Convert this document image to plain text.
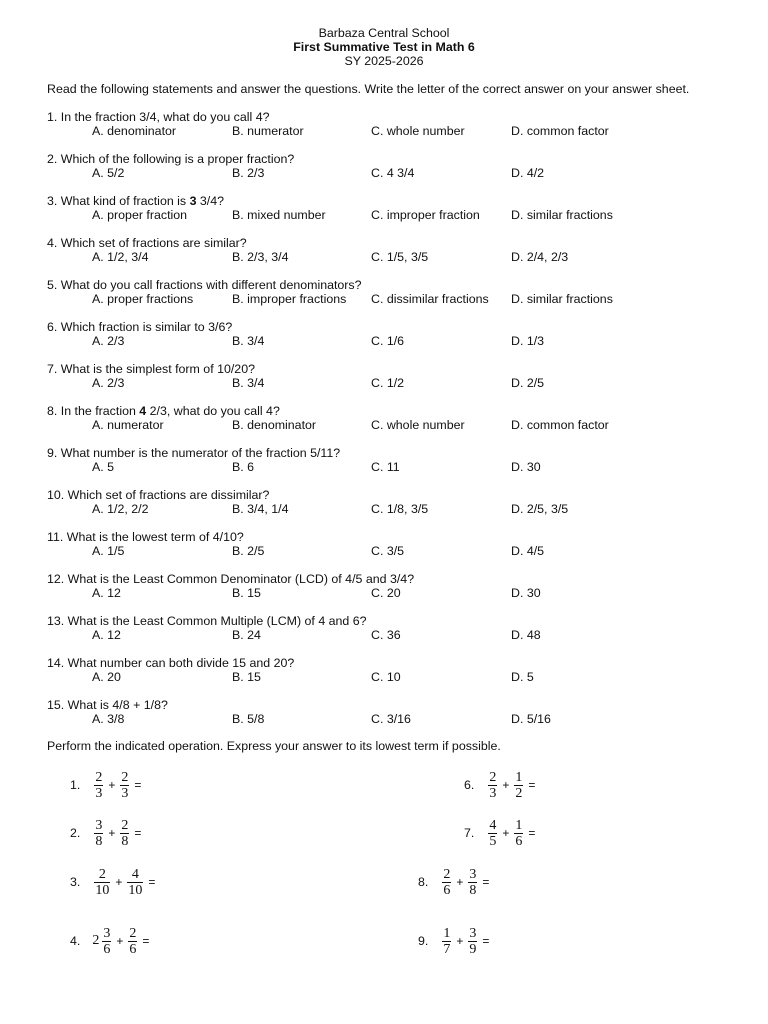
Barbaza Central School
First Summative Test in Math 6
SY 2025-2026
Read the following statements and answer the questions. Write the letter of the correct answer on your answer sheet.
1. In the fraction 3/4, what do you call 4?
A. denominator	B. numerator	C. whole number	D. common factor
2. Which of the following is a proper fraction?
A. 5/2	B. 2/3	C. 4 3/4	D. 4/2
3. What kind of fraction is 3 3/4?
A. proper fraction	B. mixed number	C. improper fraction	D. similar fractions
4. Which set of fractions are similar?
A. 1/2, 3/4	B. 2/3, 3/4	C. 1/5, 3/5	D. 2/4, 2/3
5. What do you call fractions with different denominators?
A. proper fractions	B. improper fractions C. dissimilar fractions D. similar fractions
6. Which fraction is similar to 3/6?
A. 2/3	B. 3/4	C. 1/6	D. 1/3
7. What is the simplest form of 10/20?
A. 2/3	B. 3/4	C. 1/2	D. 2/5
8. In the fraction 4 2/3, what do you call 4?
A. numerator	B. denominator	C. whole number	D. common factor
9. What number is the numerator of the fraction 5/11?
A. 5	B. 6	C. 11	D. 30
10. Which set of fractions are dissimilar?
A. 1/2, 2/2	B. 3/4, 1/4	C. 1/8, 3/5	D. 2/5, 3/5
11. What is the lowest term of 4/10?
A. 1/5	B. 2/5	C. 3/5	D. 4/5
12. What is the Least Common Denominator (LCD) of 4/5 and 3/4?
A. 12	B. 15	C. 20	D. 30
13. What is the Least Common Multiple (LCM) of 4 and 6?
A. 12	B. 24	C. 36	D. 48
14. What number can both divide 15 and 20?
A. 20	B. 15	C. 10	D. 5
15. What is 4/8 + 1/8?
A. 3/8	B. 5/8	C. 3/16	D. 5/16
Perform the indicated operation. Express your answer to its lowest term if possible.
1. $\frac{2}{3} + \frac{2}{3}$ =	6. $\frac{2}{3} + \frac{1}{2}$ =
2. $\frac{3}{8} + \frac{2}{8}$ =	7. $\frac{4}{5} + \frac{1}{6}$ =
3. $\frac{2}{10} + \frac{4}{10}$ =	8. $\frac{2}{6} + \frac{3}{8}$ =
4. $2 \frac{3}{6} + \frac{2}{6}$ =	9. $\frac{1}{7} + \frac{3}{9}$ =
